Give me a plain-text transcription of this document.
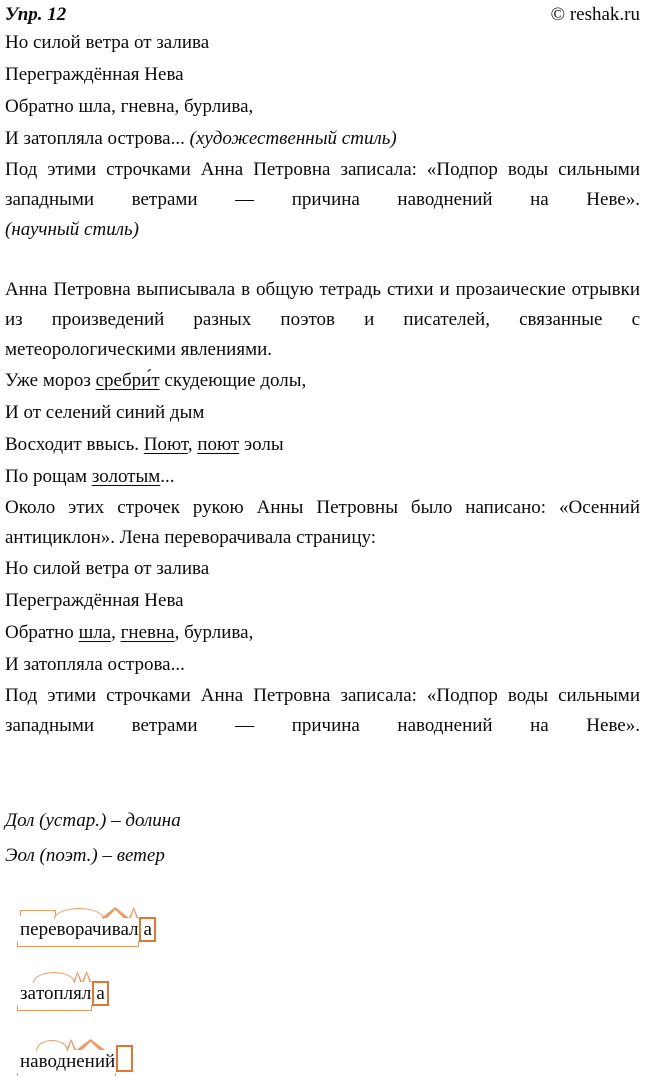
Упр. 12	© reshak.ru
Но силой ветра от залива
Переграждённая Нева
Обратно шла, гневна, бурлива,
И затопляла острова... (художественный стиль)

Под этими строчками Анна Петровна записала: «Подпор воды сильными западными ветрами — причина наводнений на Неве».

(научный стиль)

Анна Петровна выписывала в общую тетрадь стихи и прозаические отрывки из произведений разных поэтов и писателей, связанные с метеорологическими явлениями.

Уже мороз сребри́т скудеющие долы,
И от селений синий дым
Восходит ввысь. Поют, поют эолы
По рощам золотым...

Около этих строчек рукою Анны Петровны было написано: «Осенний антициклон». Лена переворачивала страницу:

Но силой ветра от залива
Переграждённая Нева
Обратно шла, гневна, бурлива,
И затопляла острова...

Под этими строчками Анна Петровна записала: «Подпор воды сильными западными ветрами — причина наводнений на Неве».

Дол (устар.) – долина
Эол (поэт.) – ветер
переворачивал а
затоплял а
наводнений
